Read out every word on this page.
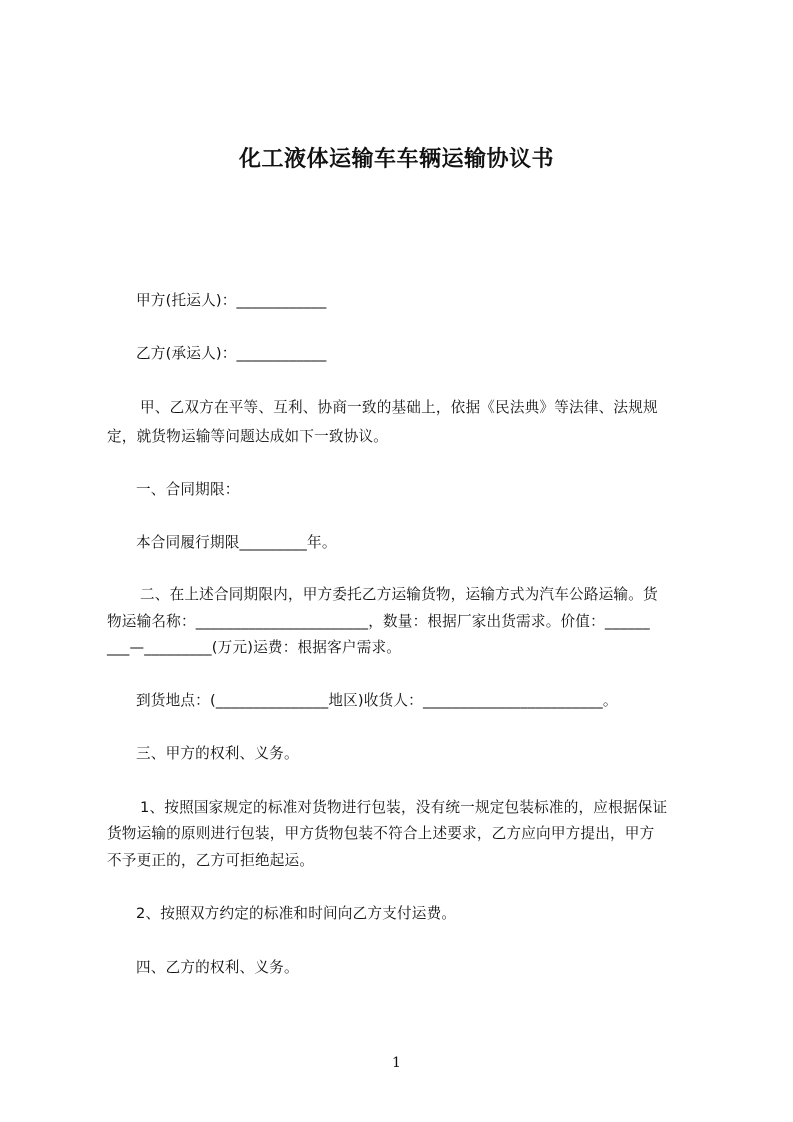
化工液体运输车车辆运输协议书
甲方(托运人)：____________
乙方(承运人)：____________
甲、乙双方在平等、互利、协商一致的基础上，依据《民法典》等法律、法规规
定，就货物运输等问题达成如下一致协议。
一、合同期限：
本合同履行期限_________年。
二、在上述合同期限内，甲方委托乙方运输货物，运输方式为汽车公路运输。货
物运输名称：_______________________，数量：根据厂家出货需求。价值：______
___—_________(万元)运费：根据客户需求。
到货地点：(_______________地区)收货人：________________________。
三、甲方的权利、义务。
1、按照国家规定的标准对货物进行包装，没有统一规定包装标准的，应根据保证
货物运输的原则进行包装，甲方货物包装不符合上述要求，乙方应向甲方提出，甲方
不予更正的，乙方可拒绝起运。
2、按照双方约定的标准和时间向乙方支付运费。
四、乙方的权利、义务。
1
